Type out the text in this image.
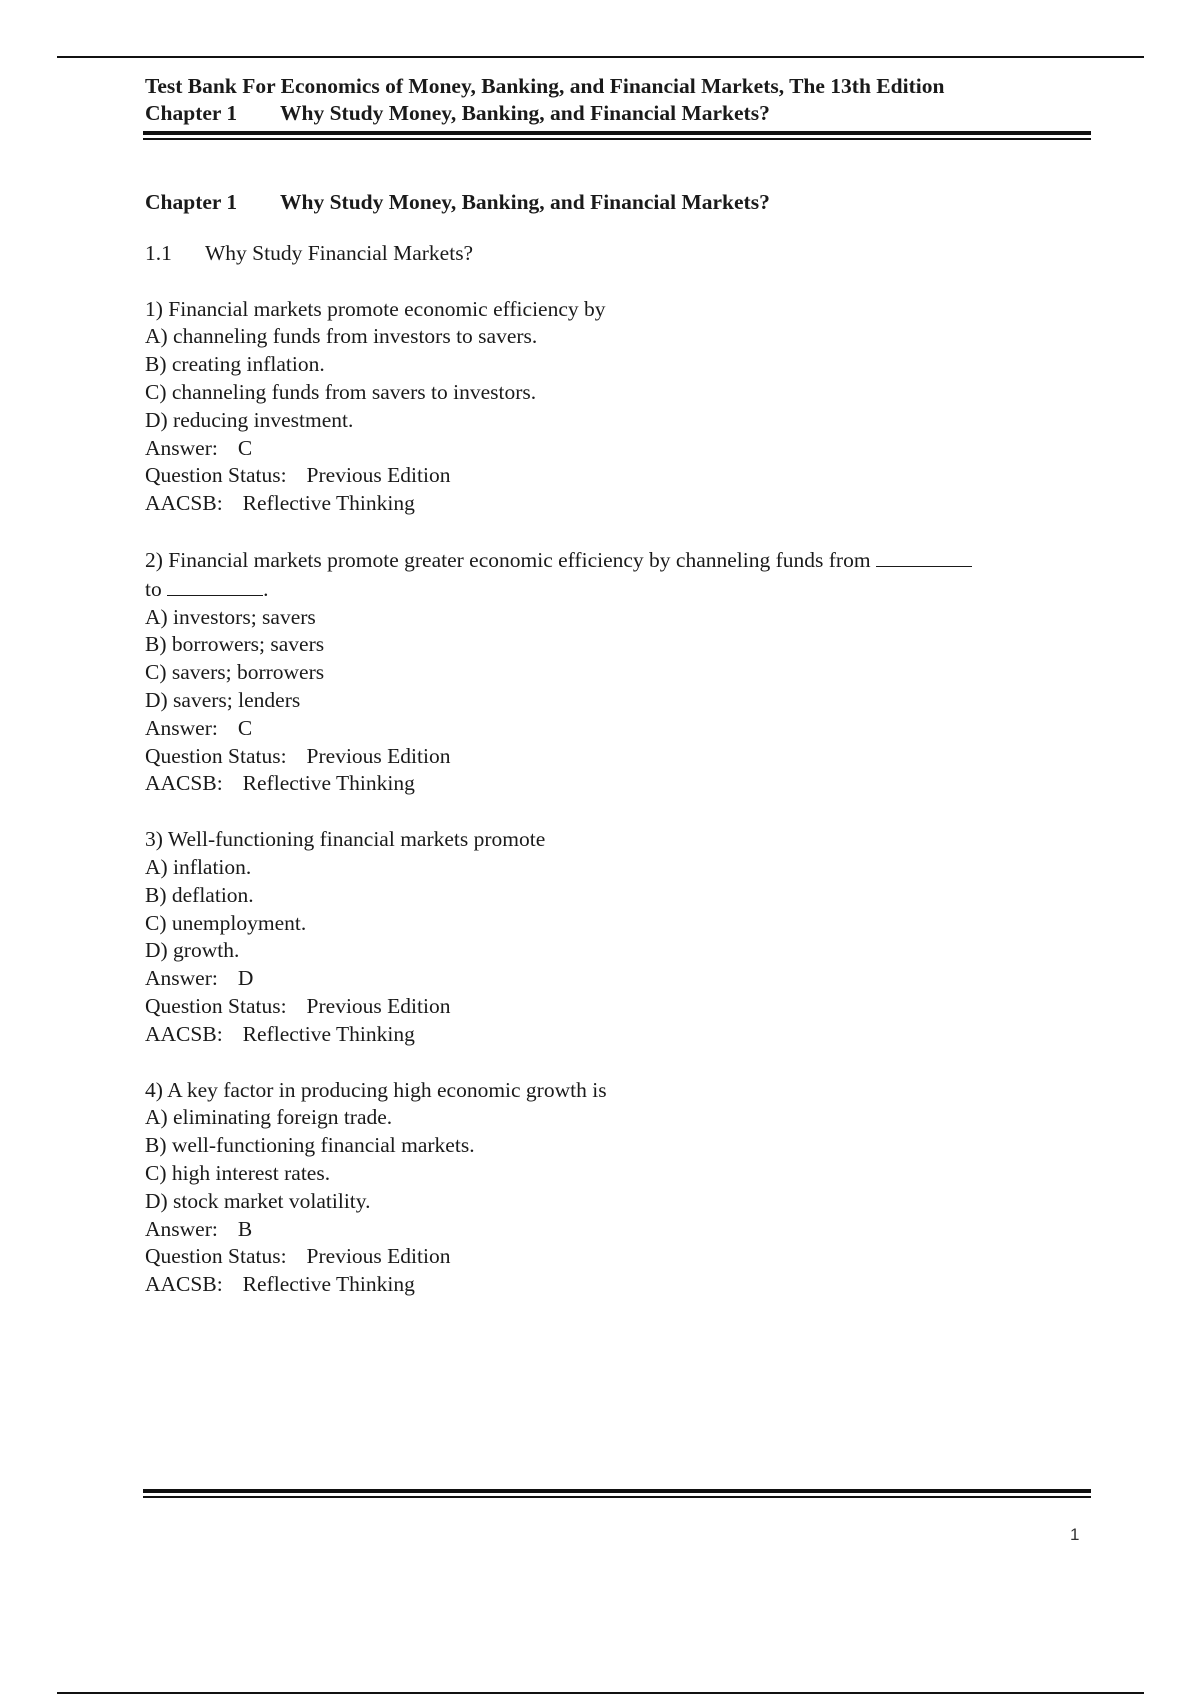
Test Bank For Economics of Money, Banking, and Financial Markets, The 13th Edition
Chapter 1 Why Study Money, Banking, and Financial Markets?
Chapter 1 Why Study Money, Banking, and Financial Markets?
1.1 Why Study Financial Markets?
1) Financial markets promote economic efficiency by
A) channeling funds from investors to savers.
B) creating inflation.
C) channeling funds from savers to investors.
D) reducing investment.
Answer: C
Question Status: Previous Edition
AACSB: Reflective Thinking
2) Financial markets promote greater economic efficiency by channeling funds from
to	.
A) investors; savers
B) borrowers; savers
C) savers; borrowers
D) savers; lenders
Answer: C
Question Status: Previous Edition
AACSB: Reflective Thinking
3) Well-functioning financial markets promote
A) inflation.
B) deflation.
C) unemployment.
D) growth.
Answer: D
Question Status: Previous Edition
AACSB: Reflective Thinking
4) A key factor in producing high economic growth is
A) eliminating foreign trade.
B) well-functioning financial markets.
C) high interest rates.
D) stock market volatility.
Answer: B
Question Status: Previous Edition
AACSB: Reflective Thinking
1
